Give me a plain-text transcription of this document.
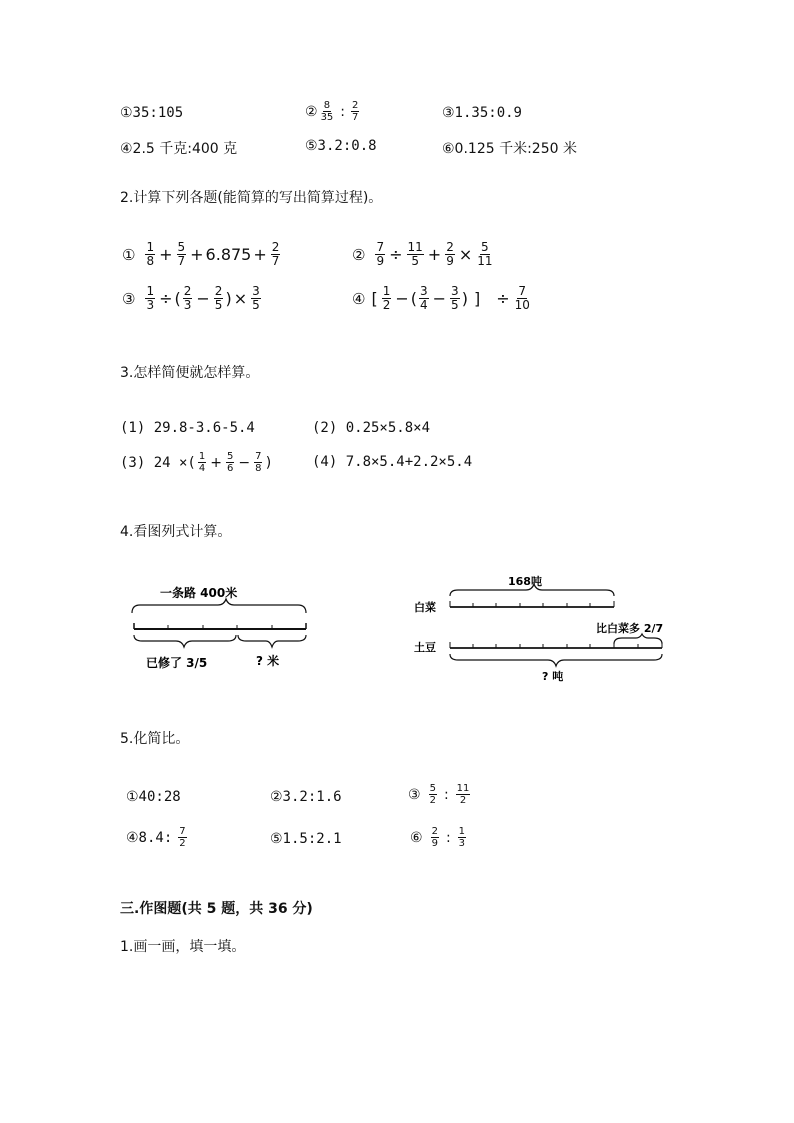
①35:105	② $\frac{8}{35}$ : $\frac{2}{7}$	③1.35:0.9
④2.5 千克:400 克	⑤3.2:0.8	⑥0.125 千米:250 米
2.计算下列各题(能简算的写出简算过程)。
① $\frac{1}{8} + \frac{5}{7} + 6.875 + \frac{2}{7}$	② $\frac{7}{9} \div \frac{11}{5} + \frac{2}{9} \times \frac{5}{11}$
③ $\frac{1}{3}$ ÷ ( $\frac{2}{3} - \frac{2}{5}$ ) × $\frac{3}{5}$	④ [ $\frac{1}{2}$ − ( $\frac{3}{4} - \frac{3}{5}$ ) ] ÷ $\frac{7}{10}$
3.怎样简便就怎样算。
(1) 29.8-3.6-5.4	(2) 0.25×5.8×4
(3) 24 ×( $\frac{1}{4} + \frac{5}{6} - \frac{7}{8}$ )	(4) 7.8×5.4+2.2×5.4
4.看图列式计算。
一条路 400米
已修了 3/5	? 米
168吨
白菜
比白菜多 2/7
土豆
? 吨
5.化简比。
①40:28	②3.2:1.6	③ $\frac{5}{2}$ : $\frac{11}{2}$
④8.4: $\frac{7}{2}$	⑤1.5:2.1	⑥ $\frac{2}{9}$ : $\frac{1}{3}$
三.作图题(共 5 题，共 36 分)
1.画一画，填一填。
